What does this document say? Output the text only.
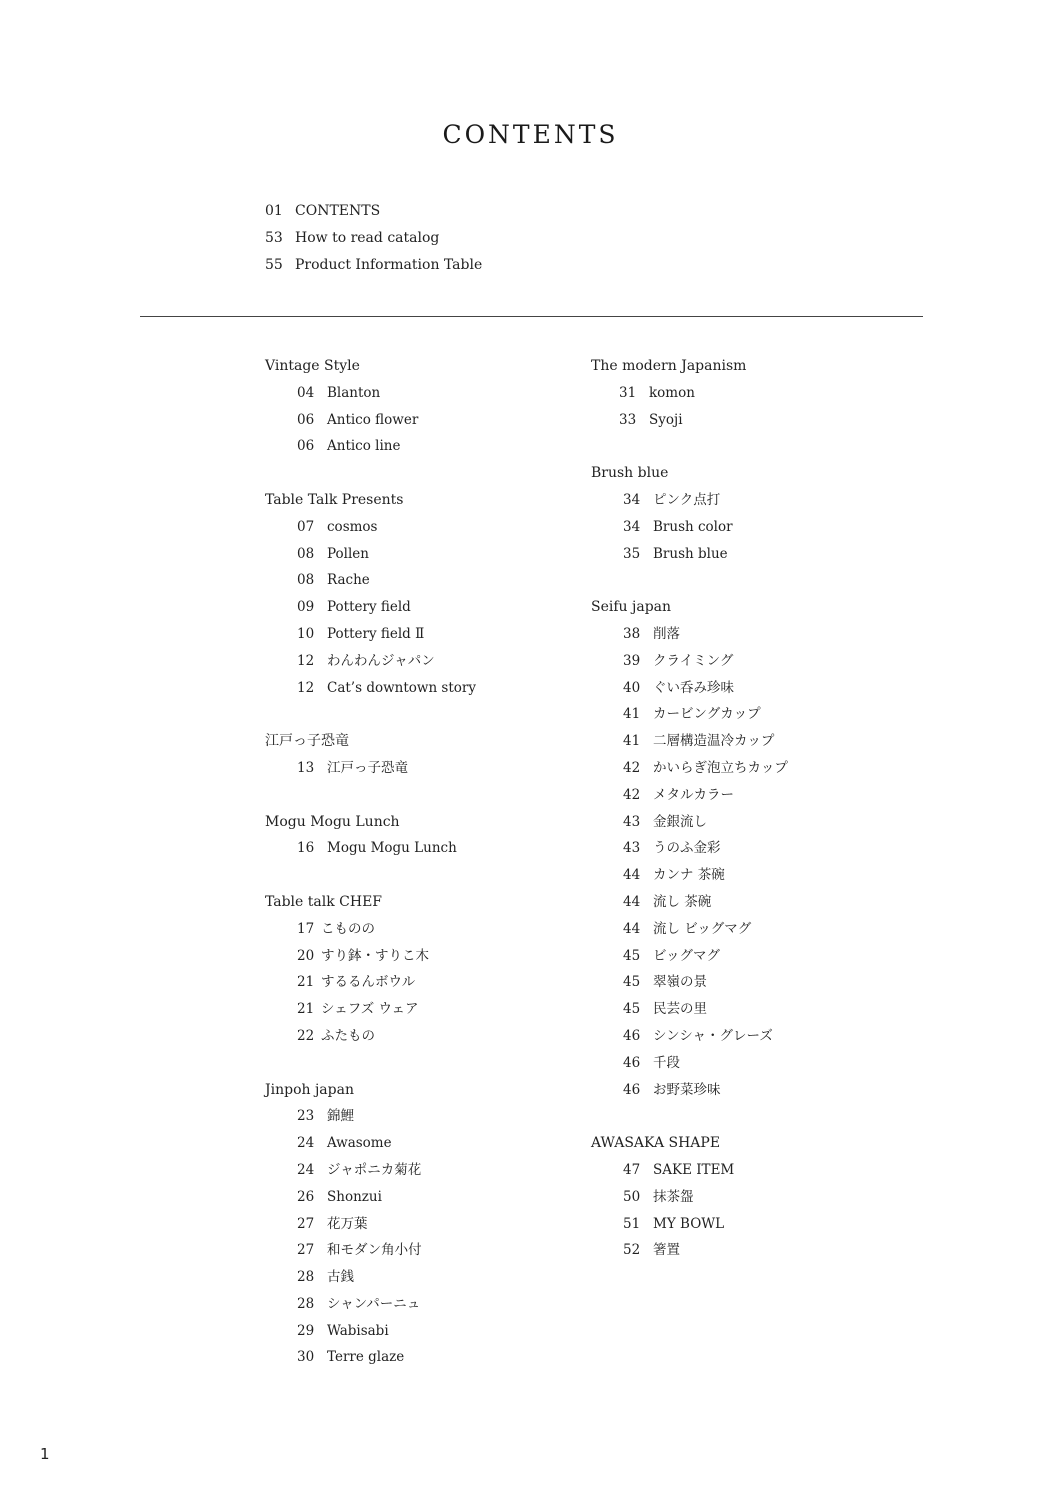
CONTENTS
01 CONTENTS
53 How to read catalog
55 Product Information Table
Vintage Style
04 Blanton
06 Antico flower
06 Antico line
Table Talk Presents
07 cosmos
08 Pollen
08 Rache
09 Pottery field
10 Pottery field Ⅱ
12 わんわんジャパン
12 Cat’s downtown story
江戸っ子恐竜
13 江戸っ子恐竜
Mogu Mogu Lunch
16 Mogu Mogu Lunch
Table talk CHEF
17 こものの
20 すり鉢・すりこ木
21 するるんボウル
21 シェフズ ウェア
22 ふたもの
Jinpoh japan
23 錦鯉
24 Awasome
24 ジャポニカ菊花
26 Shonzui
27 花万葉
27 和モダン角小付
28 古銭
28 シャンパーニュ
29 Wabisabi
30 Terre glaze
The modern Japanism
31 komon
33 Syoji
Brush blue
34 ピンク点打
34 Brush color
35 Brush blue
Seifu japan
38 削落
39 クライミング
40 ぐい呑み珍味
41 カービングカップ
41 二層構造温冷カップ
42 かいらぎ泡立ちカップ
42 メタルカラー
43 金銀流し
43 うのふ金彩
44 カンナ 茶碗
44 流し 茶碗
44 流し ビッグマグ
45 ビッグマグ
45 翠嶺の景
45 民芸の里
46 シンシャ・グレーズ
46 千段
46 お野菜珍味
AWASAKA SHAPE
47 SAKE ITEM
50 抹茶盌
51 MY BOWL
52 箸置
1
